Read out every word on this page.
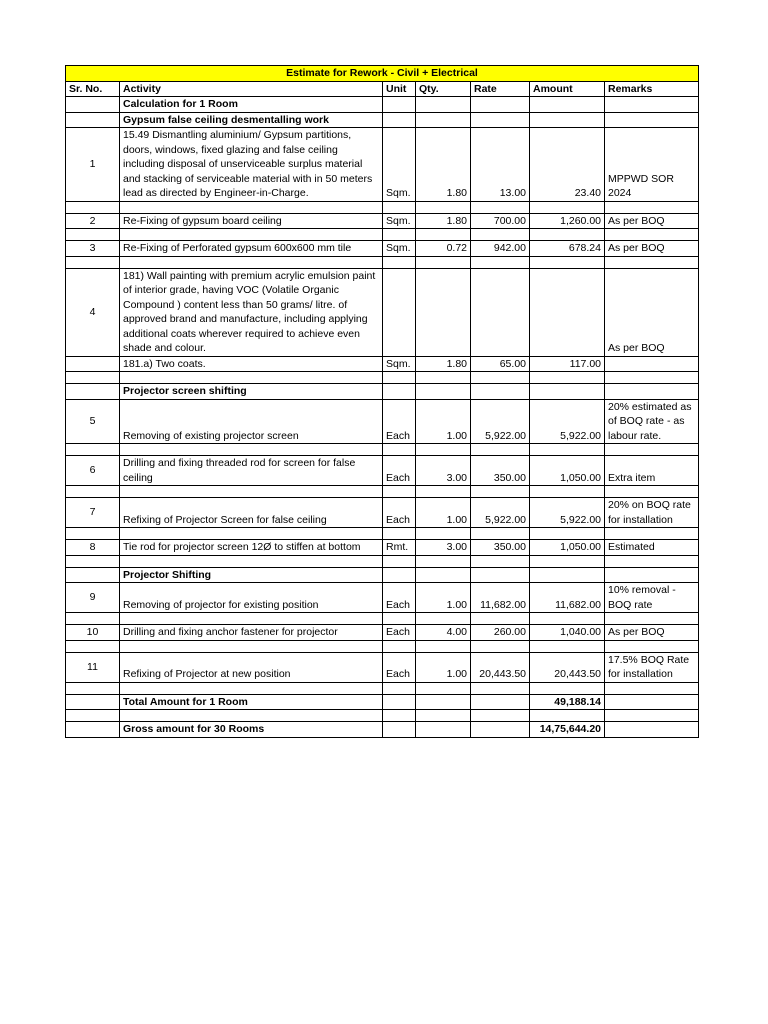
Estimate for Rework - Civil + Electrical						
Sr. No.	Activity	Unit	Qty.	Rate	Amount	Remarks
	Calculation for 1 Room					
	Gypsum false ceiling desmentalling work					
1	15.49 Dismantling aluminium/ Gypsum partitions, doors, windows, fixed glazing and false ceiling including disposal of unserviceable surplus material and stacking of serviceable material with in 50 meters lead as directed by Engineer-in-Charge.	Sqm.	1.80	13.00	23.40	MPPWD SOR 2024

2	Re-Fixing of gypsum board ceiling	Sqm.	1.80	700.00	1,260.00	As per BOQ

3	Re-Fixing of Perforated gypsum 600x600 mm tile	Sqm.	0.72	942.00	678.24	As per BOQ

4	181) Wall painting with premium acrylic emulsion paint of interior grade, having VOC (Volatile Organic Compound ) content less than 50 grams/ litre. of approved brand and manufacture, including applying additional coats wherever required to achieve even shade and colour.					As per BOQ
	181.a) Two coats.	Sqm.	1.80	65.00	117.00	

	Projector screen shifting					
5	Removing of existing projector screen	Each	1.00	5,922.00	5,922.00	20% estimated as of BOQ rate - as labour rate.

6	Drilling and fixing threaded rod for screen for false ceiling	Each	3.00	350.00	1,050.00	Extra item

7	Refixing of Projector Screen for false ceiling	Each	1.00	5,922.00	5,922.00	20% on BOQ rate for installation

8	Tie rod for projector screen 12Ø to stiffen at bottom	Rmt.	3.00	350.00	1,050.00	Estimated

	Projector Shifting					
9	Removing of projector for existing position	Each	1.00	11,682.00	11,682.00	10% removal - BOQ rate

10	Drilling and fixing anchor fastener for projector	Each	4.00	260.00	1,040.00	As per BOQ

11	Refixing of Projector at new position	Each	1.00	20,443.50	20,443.50	17.5% BOQ Rate for installation

	Total Amount for 1 Room				49,188.14	

	Gross amount for 30 Rooms				14,75,644.20	
